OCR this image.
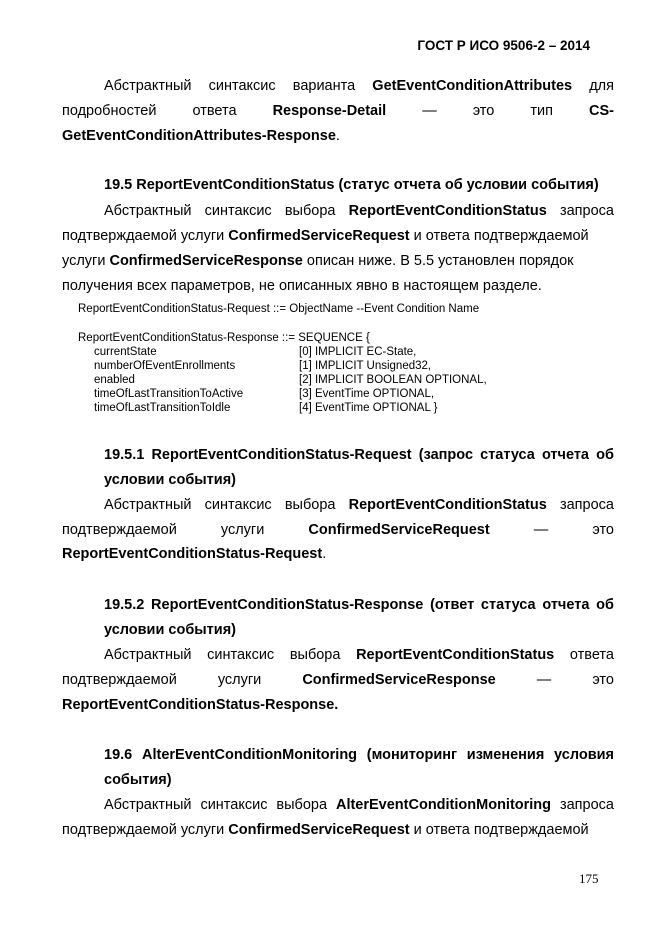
ГОСТ Р ИСО 9506-2 – 2014
Абстрактный синтаксис варианта GetEventConditionAttributes для
подробностей ответа Response-Detail — это тип CS-
GetEventConditionAttributes-Response.
19.5 ReportEventConditionStatus (статус отчета об условии события)
Абстрактный синтаксис выбора ReportEventConditionStatus запроса
подтверждаемой услуги ConfirmedServiceRequest и ответа подтверждаемой
услуги ConfirmedServiceResponse описан ниже. В 5.5 установлен порядок
получения всех параметров, не описанных явно в настоящем разделе.
ReportEventConditionStatus-Request ::= ObjectName --Event Condition Name
ReportEventConditionStatus-Response ::= SEQUENCE {
currentState	[0] IMPLICIT EC-State,
numberOfEventEnrollments	[1] IMPLICIT Unsigned32,
enabled	[2] IMPLICIT BOOLEAN OPTIONAL,
timeOfLastTransitionToActive	[3] EventTime OPTIONAL,
timeOfLastTransitionToIdle	[4] EventTime OPTIONAL }
19.5.1 ReportEventConditionStatus-Request (запрос статуса отчета об
условии события)
Абстрактный синтаксис выбора ReportEventConditionStatus запроса
подтверждаемой	услуги	ConfirmedServiceRequest	—	это
ReportEventConditionStatus-Request.
19.5.2 ReportEventConditionStatus-Response (ответ статуса отчета об
условии события)
Абстрактный синтаксис выбора ReportEventConditionStatus ответа
подтверждаемой	услуги	ConfirmedServiceResponse	—	это
ReportEventConditionStatus-Response.
19.6 AlterEventConditionMonitoring (мониторинг изменения условия
события)
Абстрактный синтаксис выбора AlterEventConditionMonitoring запроса
подтверждаемой услуги ConfirmedServiceRequest и ответа подтверждаемой
175
